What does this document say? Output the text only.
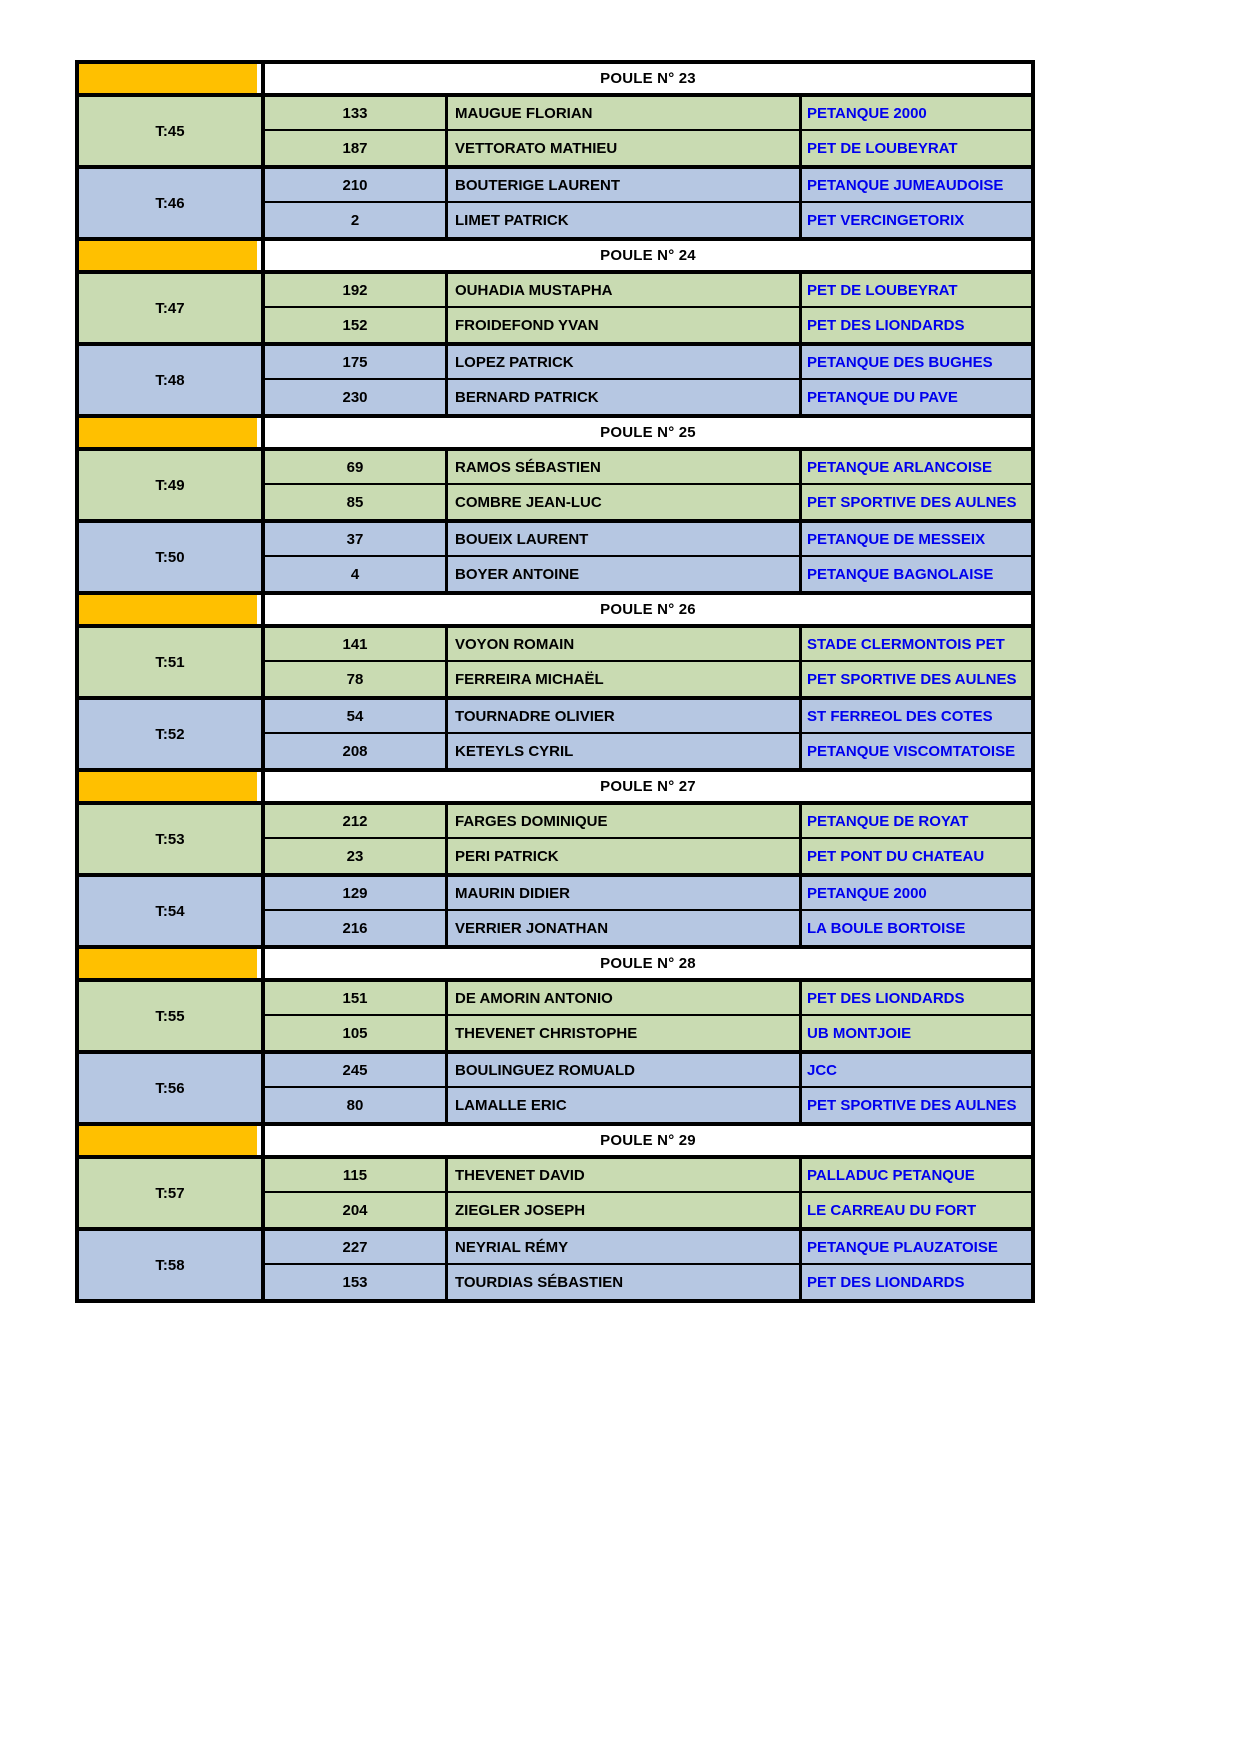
POULE N° 23
T:45
133	MAUGUE FLORIAN	PETANQUE 2000
187	VETTORATO MATHIEU	PET DE LOUBEYRAT
T:46
210	BOUTERIGE LAURENT	PETANQUE JUMEAUDOISE
2	LIMET PATRICK	PET VERCINGETORIX
POULE N° 24
T:47
192	OUHADIA MUSTAPHA	PET DE LOUBEYRAT
152	FROIDEFOND YVAN	PET DES LIONDARDS
T:48
175	LOPEZ PATRICK	PETANQUE DES BUGHES
230	BERNARD PATRICK	PETANQUE DU PAVE
POULE N° 25
T:49
69	RAMOS SÉBASTIEN	PETANQUE ARLANCOISE
85	COMBRE JEAN-LUC	PET SPORTIVE DES AULNES
T:50
37	BOUEIX LAURENT	PETANQUE DE MESSEIX
4	BOYER ANTOINE	PETANQUE BAGNOLAISE
POULE N° 26
T:51
141	VOYON ROMAIN	STADE CLERMONTOIS PET
78	FERREIRA MICHAËL	PET SPORTIVE DES AULNES
T:52
54	TOURNADRE OLIVIER	ST FERREOL DES COTES
208	KETEYLS CYRIL	PETANQUE VISCOMTATOISE
POULE N° 27
T:53
212	FARGES DOMINIQUE	PETANQUE DE ROYAT
23	PERI PATRICK	PET PONT DU CHATEAU
T:54
129	MAURIN DIDIER	PETANQUE 2000
216	VERRIER JONATHAN	LA BOULE BORTOISE
POULE N° 28
T:55
151	DE AMORIN ANTONIO	PET DES LIONDARDS
105	THEVENET CHRISTOPHE	UB MONTJOIE
T:56
245	BOULINGUEZ ROMUALD	JCC
80	LAMALLE ERIC	PET SPORTIVE DES AULNES
POULE N° 29
T:57
115	THEVENET DAVID	PALLADUC PETANQUE
204	ZIEGLER JOSEPH	LE CARREAU DU FORT
T:58
227	NEYRIAL RÉMY	PETANQUE PLAUZATOISE
153	TOURDIAS SÉBASTIEN	PET DES LIONDARDS
